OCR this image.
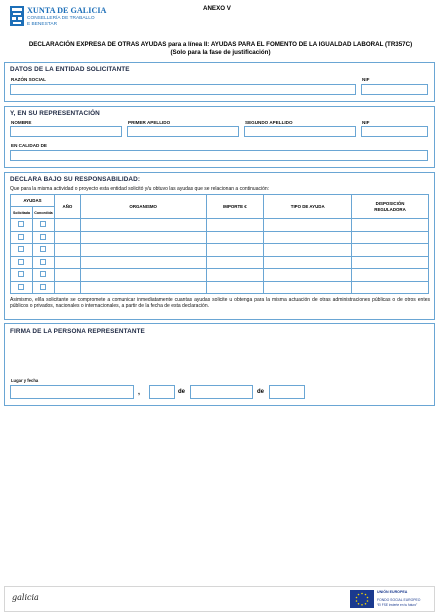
XUNTA DE GALICIA
CONSELLERÍA DE TRABALLO
E BENESTAR
ANEXO V
DECLARACIÓN EXPRESA DE OTRAS AYUDAS para a línea II: AYUDAS PARA EL FOMENTO DE LA IGUALDAD LABORAL (TR357C)
(Solo para la fase de justificación)
DATOS DE LA ENTIDAD SOLICITANTE
RAZÓN SOCIAL	NIF
Y, EN SU REPRESENTACIÓN
NOMBRE	PRIMER APELLIDO	SEGUNDO APELLIDO	NIF
EN CALIDAD DE
DECLARA BAJO SU RESPONSABILIDAD:
Que para la misma actividad o proyecto esta entidad solicitó y/u obtuvo las ayudas que se relacionan a continuación:
AYUDAS		AÑO	ORGANISMO	IMPORTE €	TIPO DE AYUDA	DISPOSICIÓN REGULADORA
Solicitada	Concedida					

Asimismo, el/la solicitante se compromete a comunicar inmediatamente cuantas ayudas solicite u obtenga para la misma actuación de otras administraciones públicas o de otros entes públicos o privados, nacionales o internacionales, a partir de la fecha de esta declaración.
FIRMA DE LA PERSONA REPRESENTANTE
Lugar y fecha
,	de	de
galicia
UNIÓN EUROPEA
FONDO SOCIAL EUROPEO
“El FSE invierte en tu futuro”
